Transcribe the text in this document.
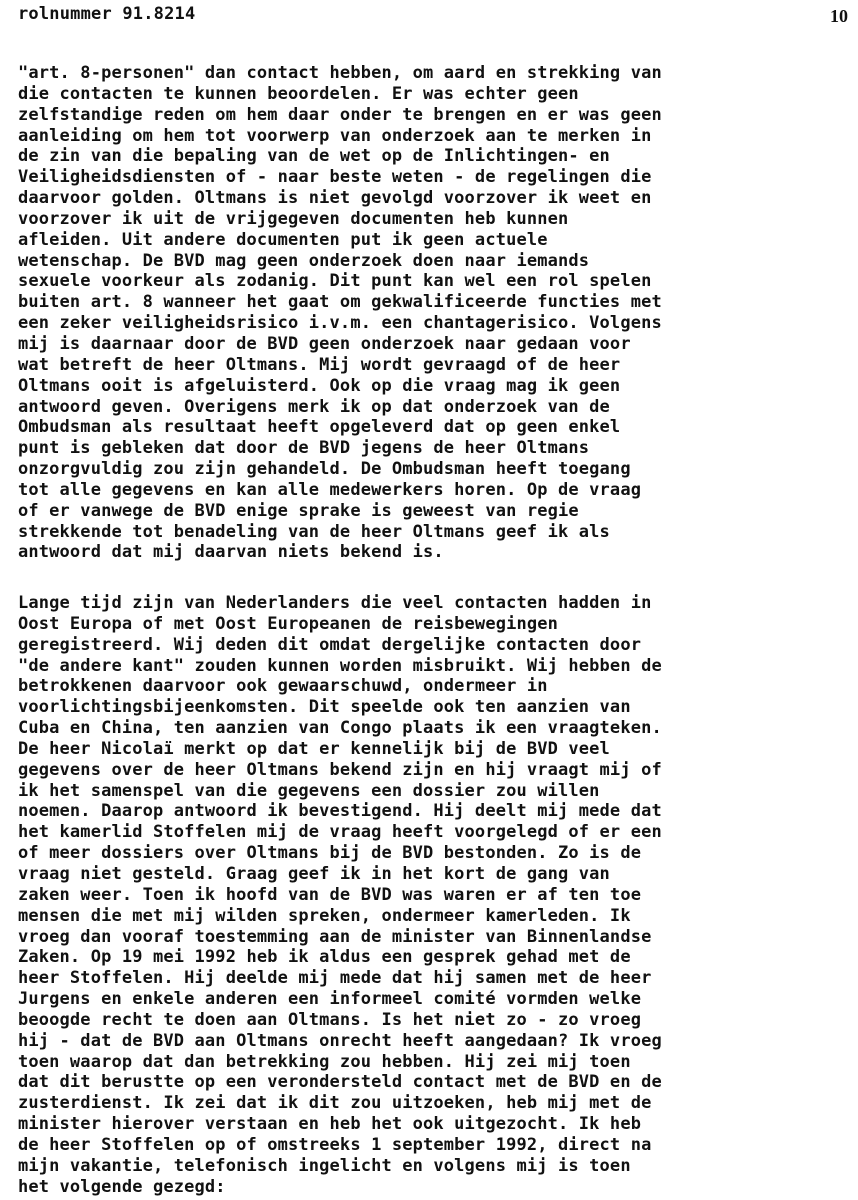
rolnummer 91.8214	10
"art. 8-personen" dan contact hebben, om aard en strekking van
die contacten te kunnen beoordelen. Er was echter geen
zelfstandige reden om hem daar onder te brengen en er was geen
aanleiding om hem tot voorwerp van onderzoek aan te merken in
de zin van die bepaling van de wet op de Inlichtingen- en
Veiligheidsdiensten of - naar beste weten - de regelingen die
daarvoor golden. Oltmans is niet gevolgd voorzover ik weet en
voorzover ik uit de vrijgegeven documenten heb kunnen
afleiden. Uit andere documenten put ik geen actuele
wetenschap. De BVD mag geen onderzoek doen naar iemands
sexuele voorkeur als zodanig. Dit punt kan wel een rol spelen
buiten art. 8 wanneer het gaat om gekwalificeerde functies met
een zeker veiligheidsrisico i.v.m. een chantagerisico. Volgens
mij is daarnaar door de BVD geen onderzoek naar gedaan voor
wat betreft de heer Oltmans. Mij wordt gevraagd of de heer
Oltmans ooit is afgeluisterd. Ook op die vraag mag ik geen
antwoord geven. Overigens merk ik op dat onderzoek van de
Ombudsman als resultaat heeft opgeleverd dat op geen enkel
punt is gebleken dat door de BVD jegens de heer Oltmans
onzorgvuldig zou zijn gehandeld. De Ombudsman heeft toegang
tot alle gegevens en kan alle medewerkers horen. Op de vraag
of er vanwege de BVD enige sprake is geweest van regie
strekkende tot benadeling van de heer Oltmans geef ik als
antwoord dat mij daarvan niets bekend is.
Lange tijd zijn van Nederlanders die veel contacten hadden in
Oost Europa of met Oost Europeanen de reisbewegingen
geregistreerd. Wij deden dit omdat dergelijke contacten door
"de andere kant" zouden kunnen worden misbruikt. Wij hebben de
betrokkenen daarvoor ook gewaarschuwd, ondermeer in
voorlichtingsbijeenkomsten. Dit speelde ook ten aanzien van
Cuba en China, ten aanzien van Congo plaats ik een vraagteken.
De heer Nicolaï merkt op dat er kennelijk bij de BVD veel
gegevens over de heer Oltmans bekend zijn en hij vraagt mij of
ik het samenspel van die gegevens een dossier zou willen
noemen. Daarop antwoord ik bevestigend. Hij deelt mij mede dat
het kamerlid Stoffelen mij de vraag heeft voorgelegd of er een
of meer dossiers over Oltmans bij de BVD bestonden. Zo is de
vraag niet gesteld. Graag geef ik in het kort de gang van
zaken weer. Toen ik hoofd van de BVD was waren er af ten toe
mensen die met mij wilden spreken, ondermeer kamerleden. Ik
vroeg dan vooraf toestemming aan de minister van Binnenlandse
Zaken. Op 19 mei 1992 heb ik aldus een gesprek gehad met de
heer Stoffelen. Hij deelde mij mede dat hij samen met de heer
Jurgens en enkele anderen een informeel comité vormden welke
beoogde recht te doen aan Oltmans. Is het niet zo - zo vroeg
hij - dat de BVD aan Oltmans onrecht heeft aangedaan? Ik vroeg
toen waarop dat dan betrekking zou hebben. Hij zei mij toen
dat dit berustte op een verondersteld contact met de BVD en de
zusterdienst. Ik zei dat ik dit zou uitzoeken, heb mij met de
minister hierover verstaan en heb het ook uitgezocht. Ik heb
de heer Stoffelen op of omstreeks 1 september 1992, direct na
mijn vakantie, telefonisch ingelicht en volgens mij is toen
het volgende gezegd:
